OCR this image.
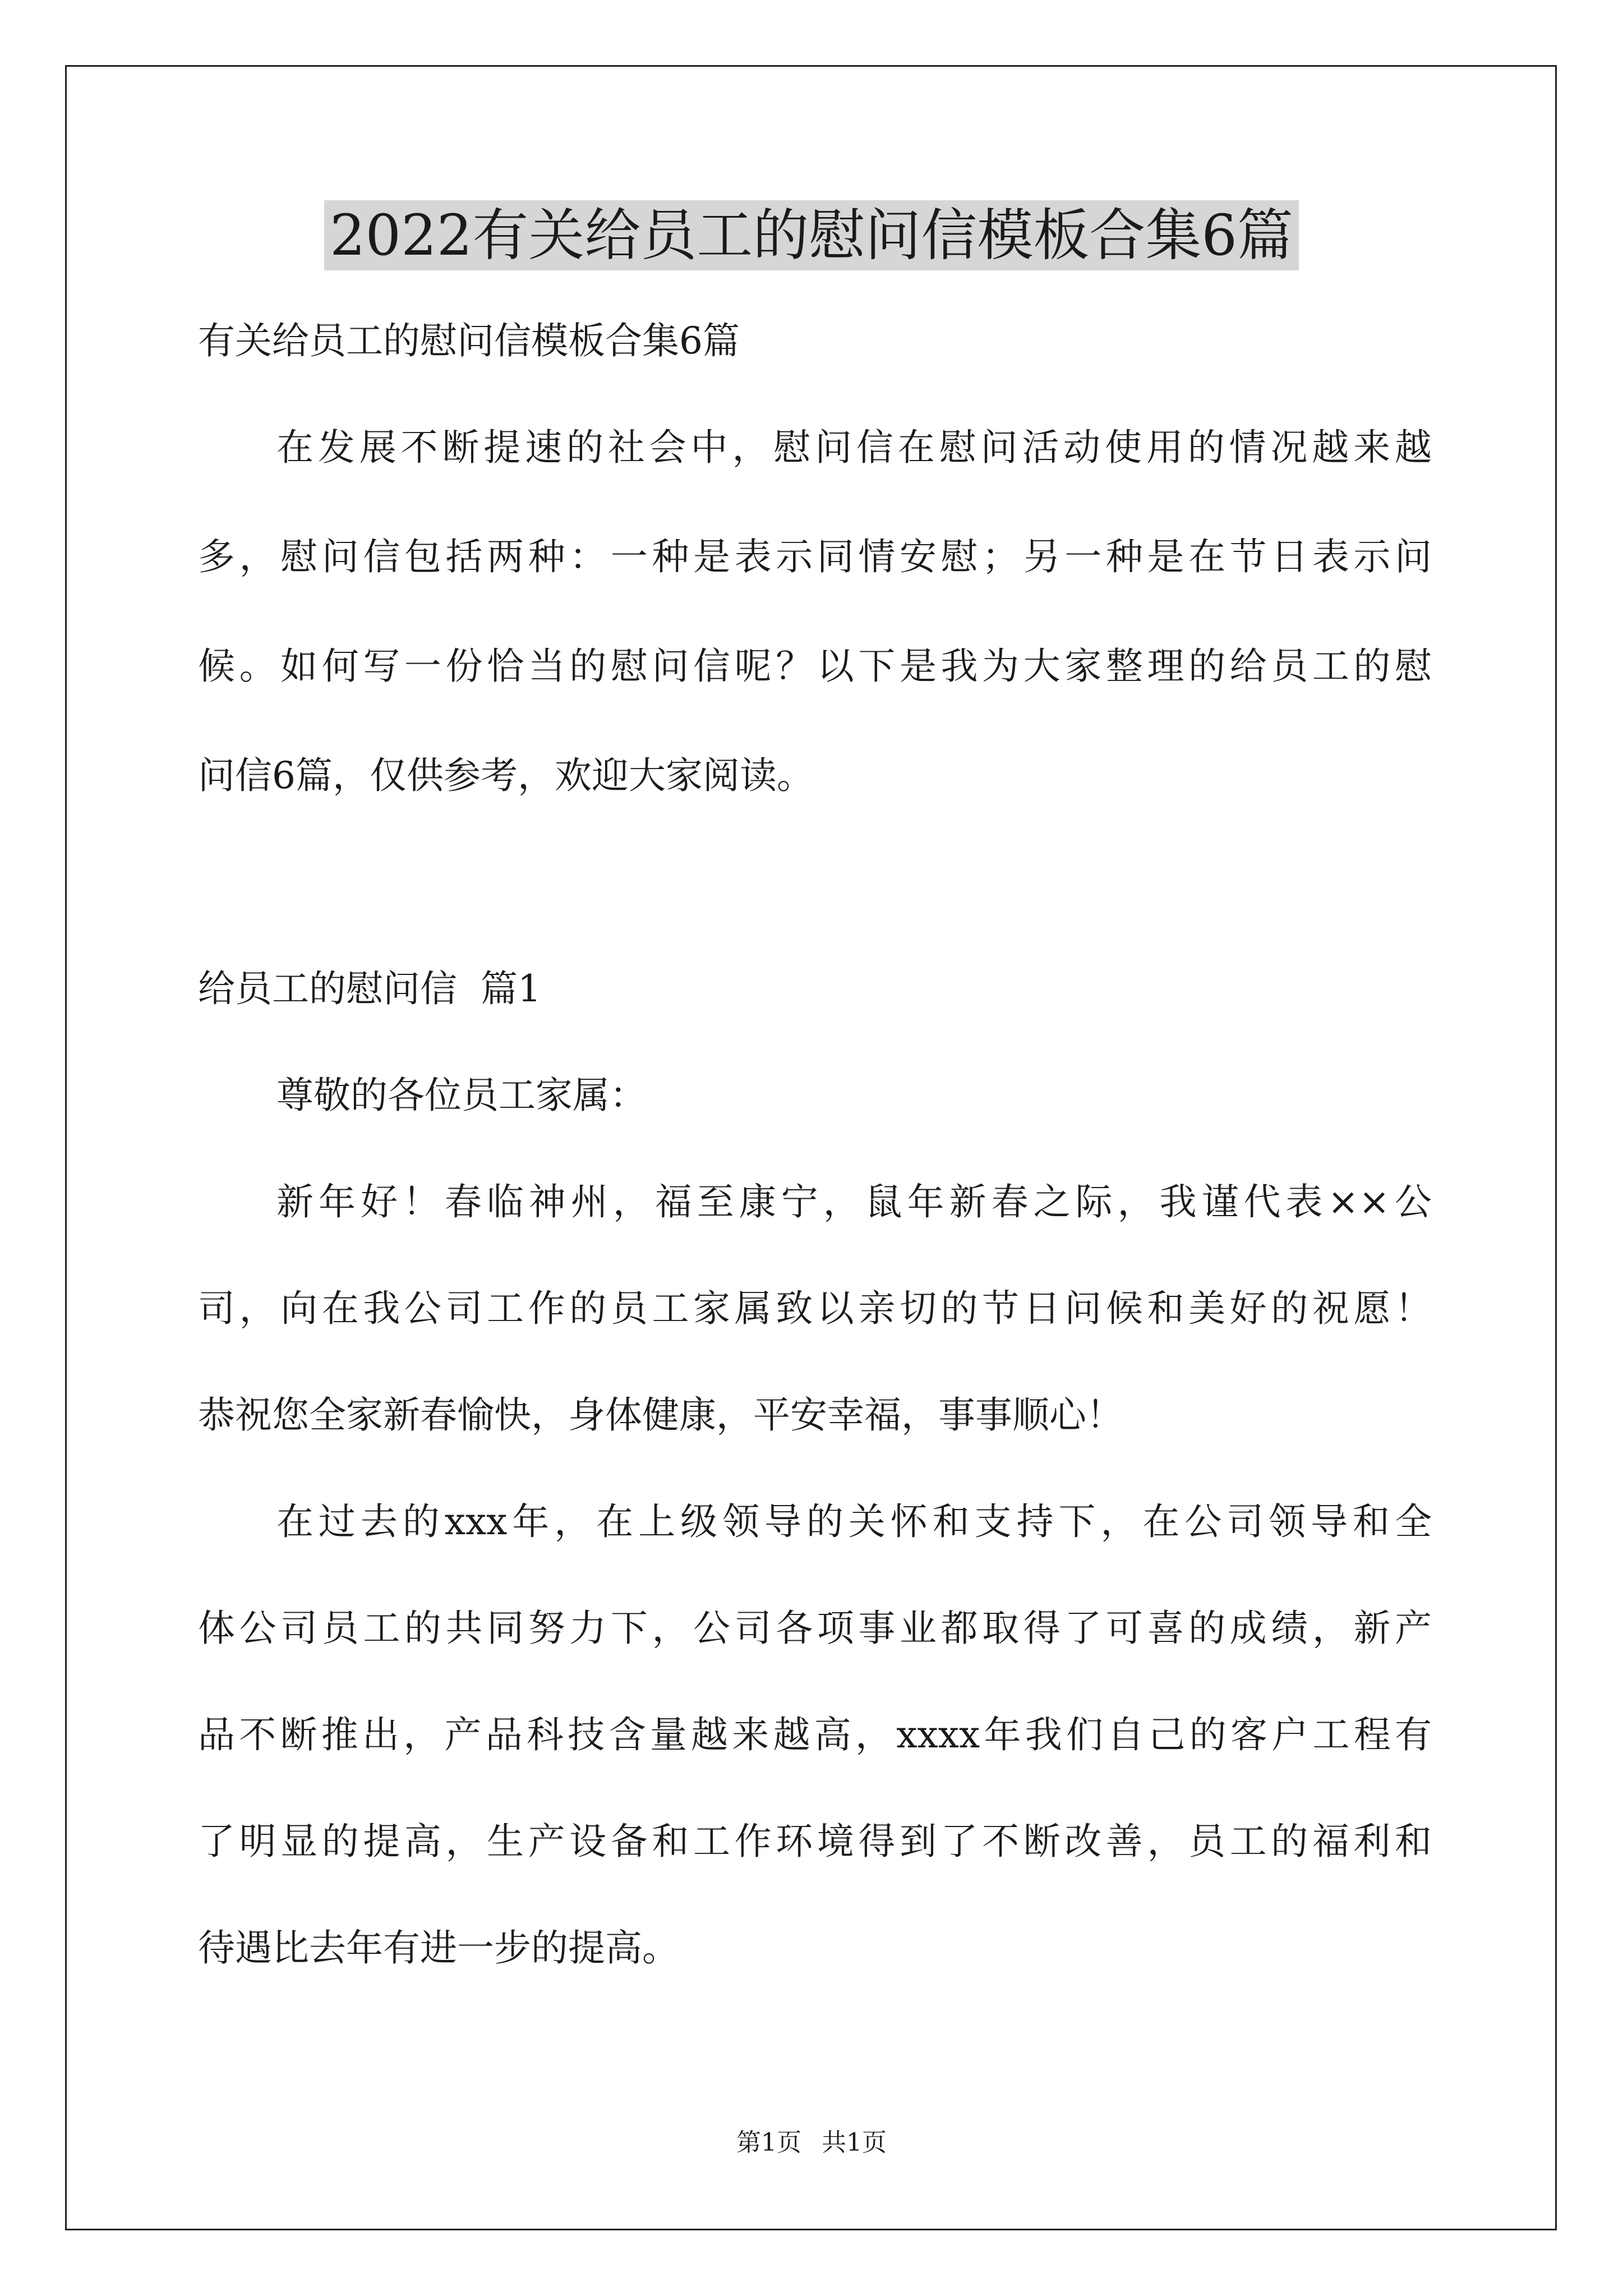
2022有关给员工的慰问信模板合集6篇

有关给员工的慰问信模板合集6篇

在发展不断提速的社会中，慰问信在慰问活动使用的情况越来越

多，慰问信包括两种：一种是表示同情安慰；另一种是在节日表示问

候。如何写一份恰当的慰问信呢？以下是我为大家整理的给员工的慰

问信6篇，仅供参考，欢迎大家阅读。

给员工的慰问信  篇1

尊敬的各位员工家属：

新年好！春临神州，福至康宁，鼠年新春之际，我谨代表××公

司，向在我公司工作的员工家属致以亲切的节日问候和美好的祝愿！

恭祝您全家新春愉快，身体健康，平安幸福，事事顺心！

在过去的xxx年，在上级领导的关怀和支持下，在公司领导和全

体公司员工的共同努力下，公司各项事业都取得了可喜的成绩，新产

品不断推出，产品科技含量越来越高，xxxx年我们自己的客户工程有

了明显的提高，生产设备和工作环境得到了不断改善，员工的福利和

待遇比去年有进一步的提高。

第1页 共1页
